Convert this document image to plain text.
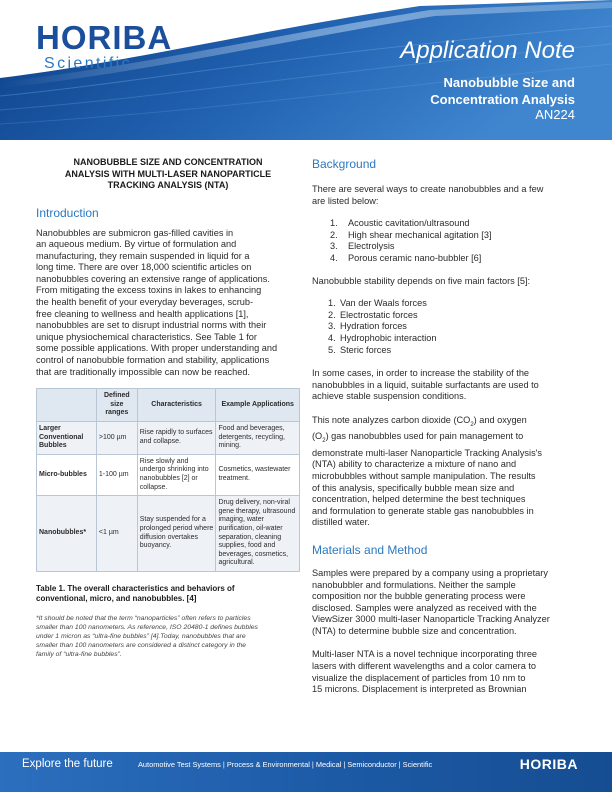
HORIBA
Scientific	Application Note
Nanobubble Size and
Concentration Analysis
AN224
NANOBUBBLE SIZE AND CONCENTRATION
ANALYSIS WITH MULTI-LASER NANOPARTICLE
TRACKING ANALYSIS (NTA)
Introduction

Nanobubbles are submicron gas-filled cavities in
an aqueous medium. By virtue of formulation and
manufacturing, they remain suspended in liquid for a
long time. There are over 18,000 scientific articles on
nanobubbles covering an extensive range of applications.
From mitigating the excess toxins in lakes to enhancing
the health benefit of your everyday beverages, scrub-
free cleaning to wellness and health applications [1],
nanobubbles are set to disrupt industrial norms with their
unique physiochemical characteristics. See Table 1 for
some possible applications. With proper understanding and
control of nanobubble formation and stability, applications
that are traditionally impossible can now be reached.

	Defined size ranges	Characteristics	Example Applications
Larger Conventional Bubbles	>100 µm	Rise rapidly to surfaces and collapse.	Food and beverages, detergents, recycling, mining.
Micro-bubbles	1-100 µm	Rise slowly and undergo shrinking into nanobubbles [2] or collapse.	Cosmetics, wastewater treatment.
Nanobubbles*	<1 µm	Stay suspended for a prolonged period where diffusion overtakes buoyancy.	Drug delivery, non-viral gene therapy, ultrasound imaging, water purification, oil-water separation, cleaning supplies, food and beverages, cosmetics, agricultural.
Table 1. The overall characteristics and behaviors of
conventional, micro, and nanobubbles. [4]
*It should be noted that the term “nanoparticles” often refers to particles
smaller than 100 nanometers. As reference, ISO 20480-1 defines bubbles
under 1 micron as “ultra-fine bubbles” [4].Today, nanobubbles that are
smaller than 100 nanometers are considered a distinct category in the
family of “ultra-fine bubbles”.
Background

There are several ways to create nanobubbles and a few
are listed below:

1.	Acoustic cavitation/ultrasound
2.	High shear mechanical agitation [3]
3.	Electrolysis
4.	Porous ceramic nano-bubbler [6]

Nanobubble stability depends on five main factors [5]:

1. Van der Waals forces
2. Electrostatic forces
3. Hydration forces
4. Hydrophobic interaction
5. Steric forces

In some cases, in order to increase the stability of the
nanobubbles in a liquid, suitable surfactants are used to
achieve stable suspension conditions.

This note analyzes carbon dioxide $(CO_2)$ and oxygen
$(O_2)$ gas nanobubbles used for pain management to
demonstrate multi-laser Nanoparticle Tracking Analysis's
(NTA) ability to characterize a mixture of nano and
microbubbles without sample manipulation. The results
of this analysis, specifically bubble mean size and
concentration, helped determine the best techniques
and formulation to generate stable gas nanobubbles in
distilled water.

Materials and Method

Samples were prepared by a company using a proprietary
nanobubbler and formulations. Neither the sample
composition nor the bubble generating process were
disclosed. Samples were analyzed as received with the
ViewSizer 3000 multi-laser Nanoparticle Tracking Analyzer
(NTA) to determine bubble size and concentration.

Multi-laser NTA is a novel technique incorporating three
lasers with different wavelengths and a color camera to
visualize the displacement of particles from 10 nm to
15 microns. Displacement is interpreted as Brownian

Explore the future	Automotive Test Systems | Process & Environmental | Medical | Semiconductor | Scientific	HORIBA
